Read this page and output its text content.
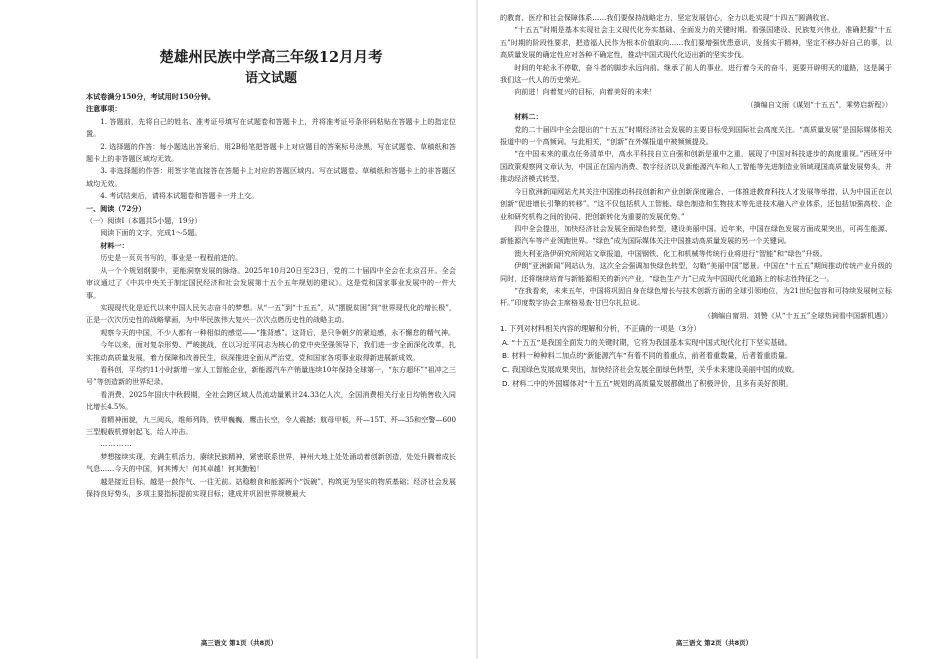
楚雄州民族中学高三年级12月月考
语文试题

本试卷满分150分，考试用时150分钟。

注意事项：

1. 答题前，先将自己的姓名、准考证号填写在试题卷和答题卡上，并将准考证号条形码粘贴在答题卡上的指定位置。

2. 选择题的作答：每小题选出答案后，用2B铅笔把答题卡上对应题目的答案标号涂黑，写在试题卷、草稿纸和答题卡上的非答题区域均无效。

3. 非选择题的作答：用签字笔直接答在答题卡上对应的答题区域内。写在试题卷、草稿纸和答题卡上的非答题区域均无效。

4. 考试结束后，请将本试题卷和答题卡一并上交。

一、阅读（72分）

（一）阅读Ⅰ（本题共5小题，19分）

阅读下面的文字，完成1～5题。

材料一：

历史是一页页书写的，事业是一程程前进的。

从一个个规划纲要中，更能洞察发展的脉络。2025年10月20日至23日，党的二十届四中全会在北京召开。全会审议通过了《中共中央关于制定国民经济和社会发展第十五个五年规划的建议》。这是党和国家事业发展中的一件大事。

实现现代化是近代以来中国人民矢志奋斗的梦想。从“一五”到“十五五”，从“摆脱贫困”到“世界现代化的增长极”，正是一次次历史性的战略擘画，为中华民族伟大复兴一次次点燃历史性的战略主动。

观察今天的中国，不少人都有一种相似的感觉——“推背感”。这背后，是只争朝夕的紧迫感，永不懈怠的精气神。

今年以来，面对复杂形势、严峻挑战，在以习近平同志为核心的党中央坚强领导下，我们进一步全面深化改革，扎实推动高质量发展，着力保障和改善民生，纵深推进全面从严治党，党和国家各项事业取得新进展新成效。

看科创，平均约11小时新增一家人工智能企业，新能源汽车产销量连续10年保持全球第一，“东方超环”“祖冲之三号”等创造新的世界纪录。

看消费，2025年国庆中秋假期，全社会跨区域人员流动量累计24.33亿人次，全国消费相关行业日均销售收入同比增长4.5%。

看精神面貌，九三阅兵，维师列阵，铁甲巍巍，鹰击长空，令人震撼；航母甲板，歼—15T、歼—35和空警—600三型舰载机弹射起飞，给人冲击。

…………

梦想接续实现，充满生机活力，赓续民族精神，紧密联系世界，神州大地上处处涌动着创新创造，处处升腾着成长气息……今天的中国，何其博大！何其卓越！何其勤勉！

越是接近目标，越是一鼓作气、一往无前。站稳粮食和能源两个“饭碗”，构筑更为坚实的物质基础；经济社会发展保持良好势头，多项主要指标提前实现目标；建成并巩固世界规模最大

高三语文 第1页（共8页）

的教育、医疗和社会保障体系……我们要保持战略定力，坚定发展信心，全力以赴实现“十四五”圆满收官。

“十五五”时期是基本实现社会主义现代化夯实基础、全面发力的关键时期。看强国建设、民族复兴伟业，准确把握“十五五”时期的阶段性要求，把造福人民作为根本价值取向……我们要增强忧患意识，发扬实干精神，坚定不移办好自己的事，以高质量发展的确定性应对各种不确定性，推动中国式现代化迈出新的坚实步伐。

时间的年轮永不停歇，奋斗者的脚步永远向前。继承了前人的事业，进行着今天的奋斗，更要开辟明天的道路，这是属于我们这一代人的历史荣光。

向前进！向着复兴的目标，向着美好的未来！

（摘编自文雨《谋划“十五五”，乘势启新程》）

材料二：

党的二十届四中全会提出的“十五五”时期经济社会发展的主要目标受到国际社会高度关注。“高质量发展”是国际媒体相关报道中的一个高频词。与此相关，“创新”在外媒报道中被频频提及。

“在中国未来的重点任务清单中，高水平科技自立自强和创新是重中之重，展现了中国对科技进步的高度重视。”西班牙中国政策观察网文章认为，中国正在国内消费、数字经济以及新能源汽车和人工智能等先进制造业领域现国高质量发展势头，并推动经济模式转型。

今日欧洲新闻网站尤其关注中国推动科技创新和产业创新深度融合、一体推进教育科技人才发展等举措，认为中国正在以创新“促进增长引擎的转移”。“这不仅包括机人工智能、绿色制造和生物技术等先进技术融入产业体系，还包括加强高校、企业和研究机构之间的协同，把创新转化为重要的发展优势。”

四中全会提出，加快经济社会发展全面绿色转型，建设美丽中国。近年来，中国在绿色发展方面成果突出，可再生能源、新能源汽车等产业领跑世界。“绿色”成为国际媒体关注中国推动高质量发展的另一个关键词。

澳大利亚洛伊研究所网站文章报道，中国钢铁、化工和机械等传统行业将进行“智能”和“绿色”升级。

伊朗“亚洲新闻”网站认为，这次全会强调加快绿色转型，勾勒“美丽中国”愿景。中国在“十五五”期间推动传统产业升级的同时，还将继续培育与新能源相关的新兴产业，“绿色生产力”已成为中国现代化道路上的标志性特征之一。

“在我看来，未来五年，中国将巩固自身在绿色增长与技术创新方面的全球引领地位，为21世纪包容和可持续发展树立标杆。”印度数字协会主席格易查·甘巴尔扎拉说。

（摘编自甯玥、刘赞《从“十五五”全球热词看中国新机遇》）

1. 下列对材料相关内容的理解和分析，不正确的一项是（3分）

A. “十五五”是我国全面发力的关键时期，它将为我国基本实现中国式现代化打下坚实基础。

B. 材料一种种料二加点的“新能源汽车”有着不同的着重点，前者着重数量，后者着重质量。

C. 我国绿色发展成果突出，加快经济社会发展全面绿色转型，关乎未来建设美丽中国的成败。

D. 材料二中的外国媒体对“十五五”规划的高质量发展都做出了积极评价，且多有美好预期。

高三语文 第2页（共8页）
